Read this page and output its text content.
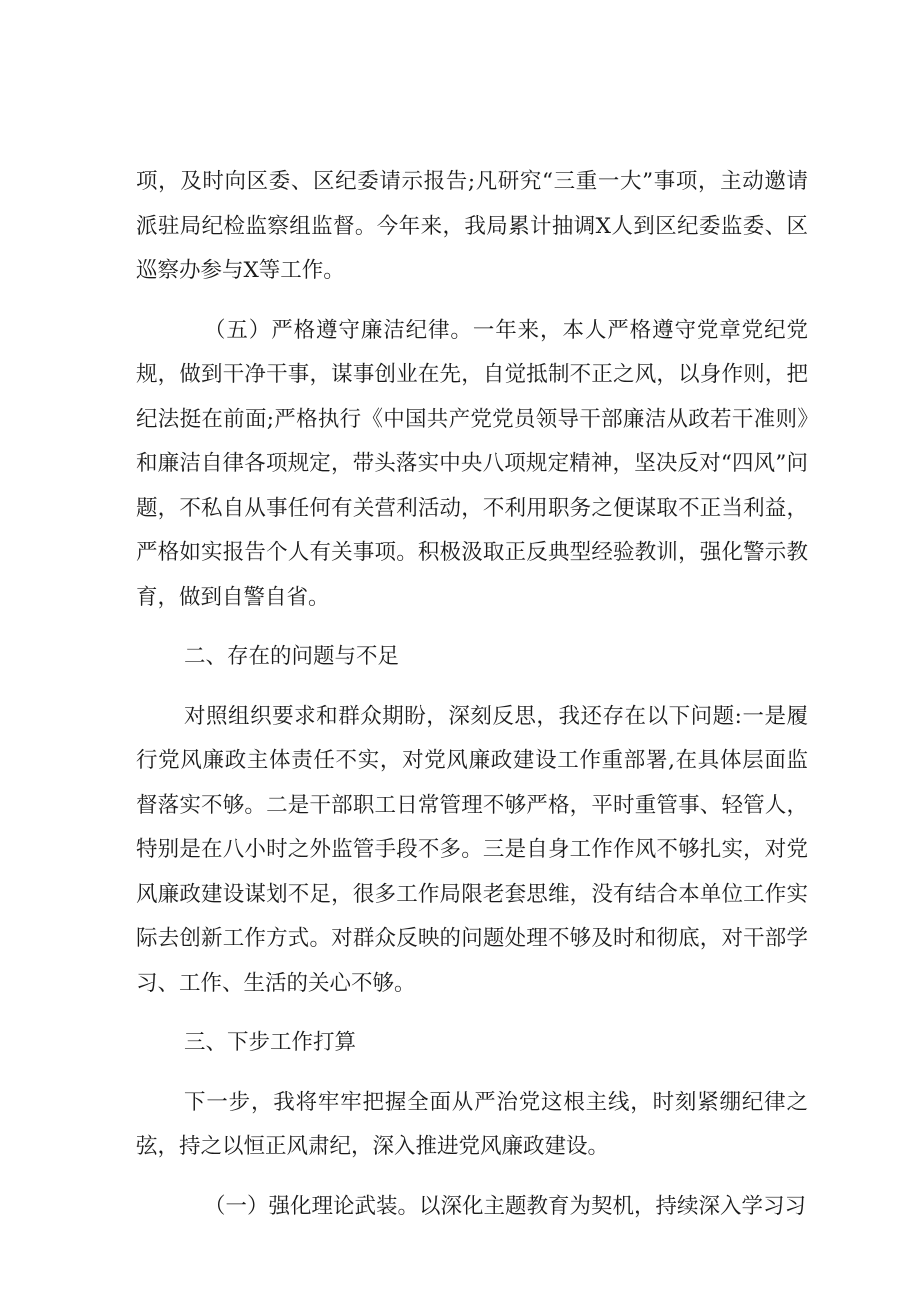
项，及时向区委、区纪委请示报告;凡研究“三重一大”事项，主动邀请派驻局纪检监察组监督。今年来，我局累计抽调X人到区纪委监委、区巡察办参与X等工作。

（五）严格遵守廉洁纪律。一年来，本人严格遵守党章党纪党规，做到干净干事，谋事创业在先，自觉抵制不正之风，以身作则，把纪法挺在前面;严格执行《中国共产党党员领导干部廉洁从政若干准则》和廉洁自律各项规定，带头落实中央八项规定精神，坚决反对“四风”问题，不私自从事任何有关营利活动，不利用职务之便谋取不正当利益，严格如实报告个人有关事项。积极汲取正反典型经验教训，强化警示教育，做到自警自省。

二、存在的问题与不足

对照组织要求和群众期盼，深刻反思，我还存在以下问题:一是履行党风廉政主体责任不实，对党风廉政建设工作重部署,在具体层面监督落实不够。二是干部职工日常管理不够严格，平时重管事、轻管人，特别是在八小时之外监管手段不多。三是自身工作作风不够扎实，对党风廉政建设谋划不足，很多工作局限老套思维，没有结合本单位工作实际去创新工作方式。对群众反映的问题处理不够及时和彻底，对干部学习、工作、生活的关心不够。

三、下步工作打算

下一步，我将牢牢把握全面从严治党这根主线，时刻紧绷纪律之弦，持之以恒正风肃纪，深入推进党风廉政建设。

（一）强化理论武装。以深化主题教育为契机，持续深入学习习
